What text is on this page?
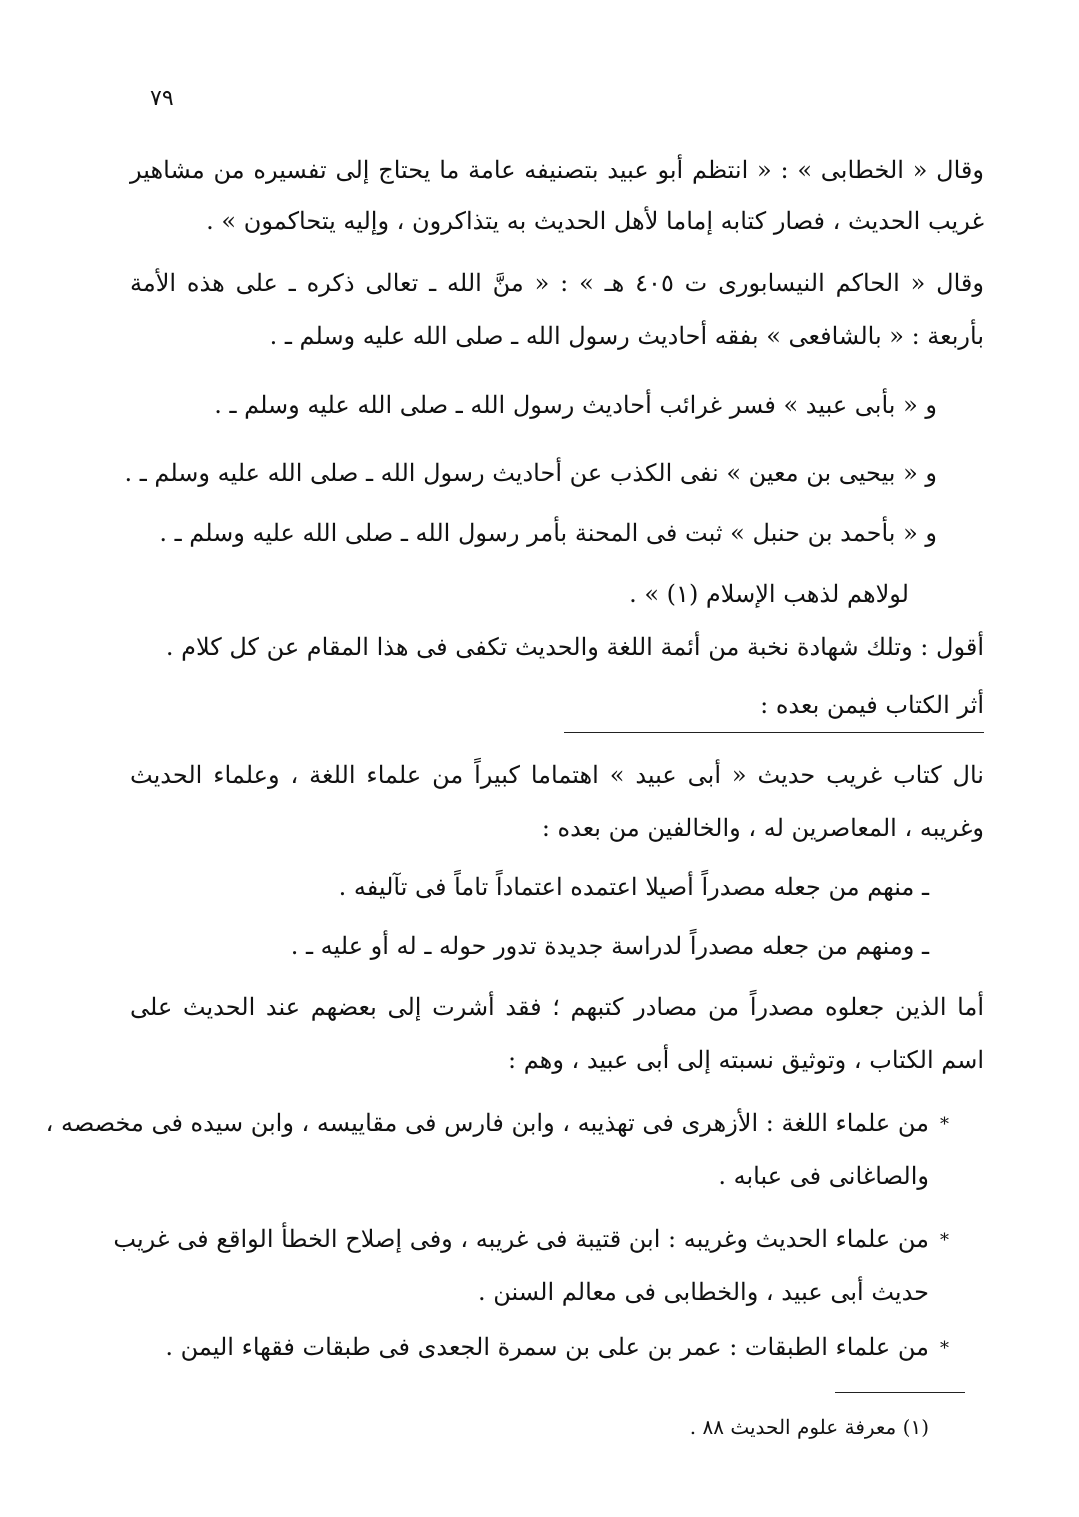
٧٩
وقال « الخطابى » : « انتظم أبو عبيد بتصنيفه عامة ما يحتاج إلى تفسيره من مشاهير
غريب الحديث ، فصار كتابه إماما لأهل الحديث به يتذاكرون ، وإليه يتحاكمون » .
وقال « الحاكم النيسابورى ت ٤٠٥ هـ » : « منَّ الله ـ تعالى ذكره ـ على هذه الأمة
بأربعة : « بالشافعى » بفقه أحاديث رسول الله ـ صلى الله عليه وسلم ـ .
و « بأبى عبيد » فسر غرائب أحاديث رسول الله ـ صلى الله عليه وسلم ـ .
و « بيحيى بن معين » نفى الكذب عن أحاديث رسول الله ـ صلى الله عليه وسلم ـ .
و « بأحمد بن حنبل » ثبت فى المحنة بأمر رسول الله ـ صلى الله عليه وسلم ـ .
لولاهم لذهب الإسلام (١) » .
أقول : وتلك شهادة نخبة من أئمة اللغة والحديث تكفى فى هذا المقام عن كل كلام .
أثر الكتاب فيمن بعده :
نال كتاب غريب حديث « أبى عبيد » اهتماما كبيراً من علماء اللغة ، وعلماء الحديث
وغريبه ، المعاصرين له ، والخالفين من بعده :
ـ منهم من جعله مصدراً أصيلا اعتمده اعتماداً تاماً فى تآليفه .
ـ ومنهم من جعله مصدراً لدراسة جديدة تدور حوله ـ له أو عليه ـ .
أما الذين جعلوه مصدراً من مصادر كتبهم ؛ فقد أشرت إلى بعضهم عند الحديث على
اسم الكتاب ، وتوثيق نسبته إلى أبى عبيد ، وهم :
*
من علماء اللغة : الأزهرى فى تهذيبه ، وابن فارس فى مقاييسه ، وابن سيده فى مخصصه ،
والصاغانى فى عبابه .
*
من علماء الحديث وغريبه : ابن قتيبة فى غريبه ، وفى إصلاح الخطأ الواقع فى غريب
حديث أبى عبيد ، والخطابى فى معالم السنن .
*
من علماء الطبقات : عمر بن على بن سمرة الجعدى فى طبقات فقهاء اليمن .
(١) معرفة علوم الحديث ٨٨ .
